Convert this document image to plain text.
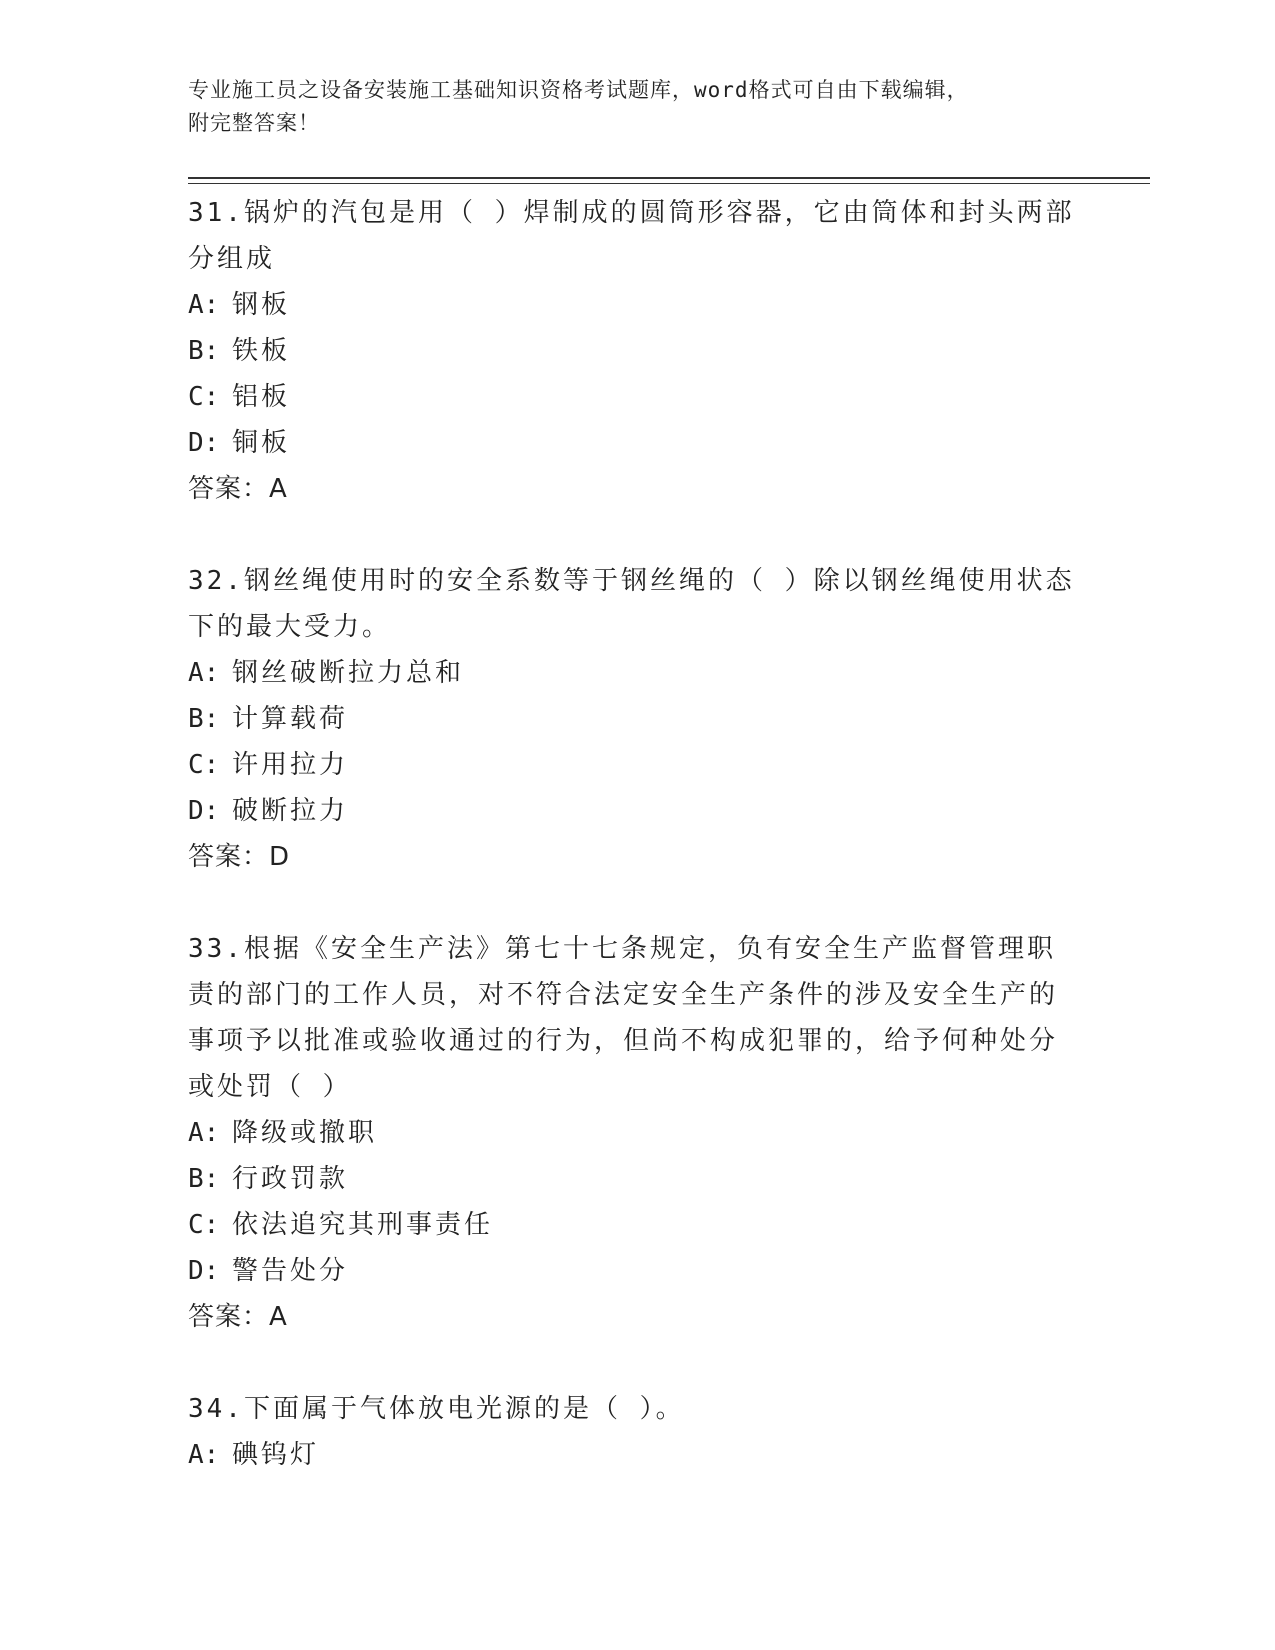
专业施工员之设备安装施工基础知识资格考试题库，word格式可自由下载编辑，
附完整答案！

31.锅炉的汽包是用（ ）焊制成的圆筒形容器，它由筒体和封头两部分组成

A: 钢板

B: 铁板

C: 铝板

D: 铜板

答案：A

32.钢丝绳使用时的安全系数等于钢丝绳的（ ）除以钢丝绳使用状态下的最大受力。

A: 钢丝破断拉力总和

B: 计算载荷

C: 许用拉力

D: 破断拉力

答案：D

33.根据《安全生产法》第七十七条规定，负有安全生产监督管理职责的部门的工作人员，对不符合法定安全生产条件的涉及安全生产的事项予以批准或验收通过的行为，但尚不构成犯罪的，给予何种处分或处罚（ ）

A: 降级或撤职

B: 行政罚款

C: 依法追究其刑事责任

D: 警告处分

答案：A

34.下面属于气体放电光源的是（ ）。

A: 碘钨灯
